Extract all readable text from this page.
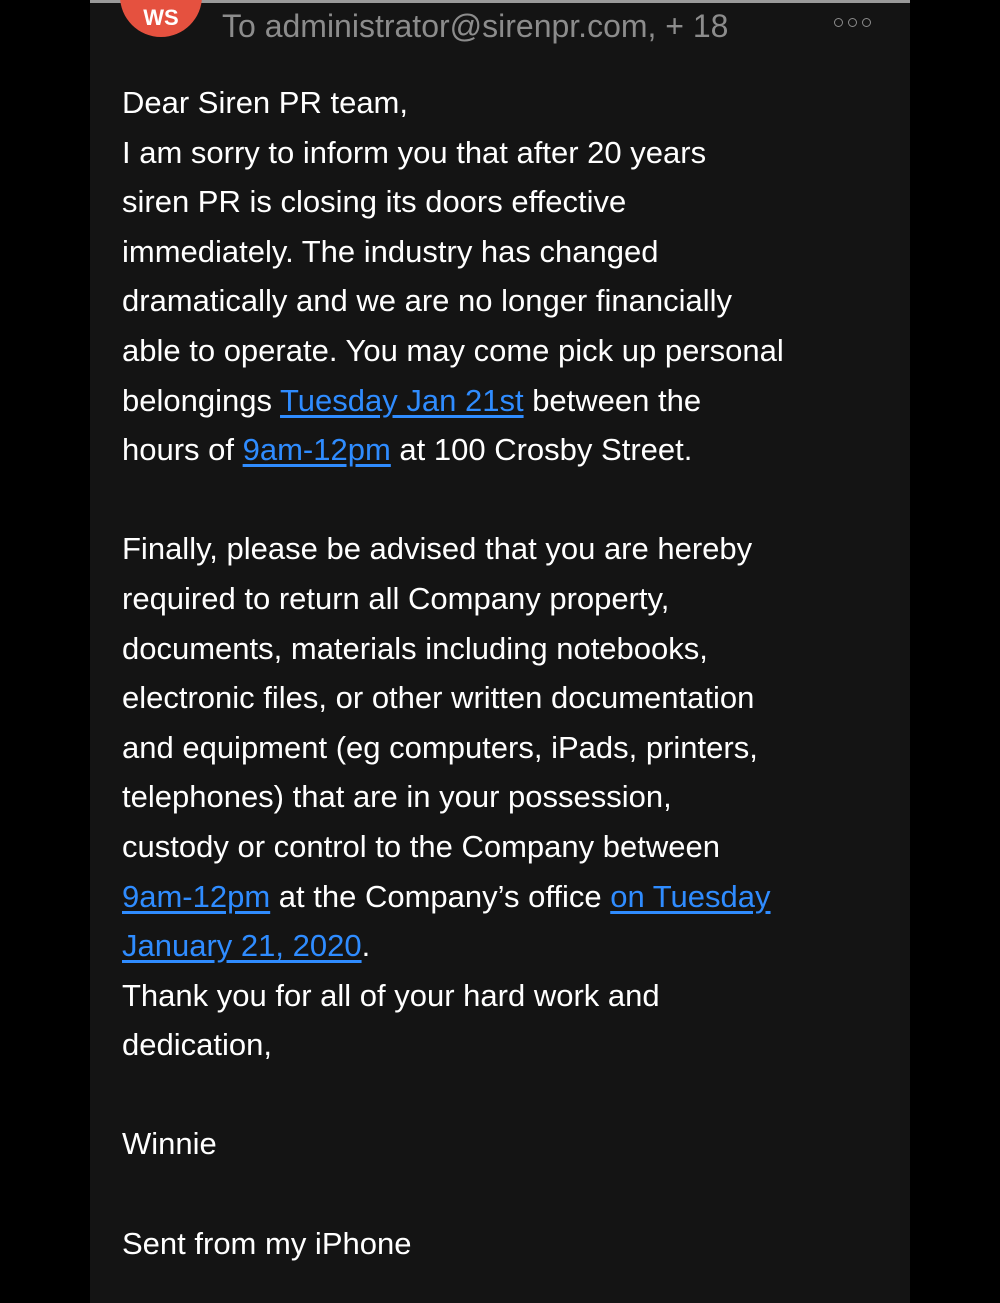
WS	To administrator@sirenpr.com, + 18
Dear Siren PR team,
I am sorry to inform you that after 20 years
siren PR is closing its doors effective
immediately. The industry has changed
dramatically and we are no longer financially
able to operate. You may come pick up personal
belongings Tuesday Jan 21st between the
hours of 9am-12pm at 100 Crosby Street.
Finally, please be advised that you are hereby
required to return all Company property,
documents, materials including notebooks,
electronic files, or other written documentation
and equipment (eg computers, iPads, printers,
telephones) that are in your possession,
custody or control to the Company between
9am-12pm at the Company’s office on Tuesday
January 21, 2020.
Thank you for all of your hard work and
dedication,
Winnie
Sent from my iPhone
